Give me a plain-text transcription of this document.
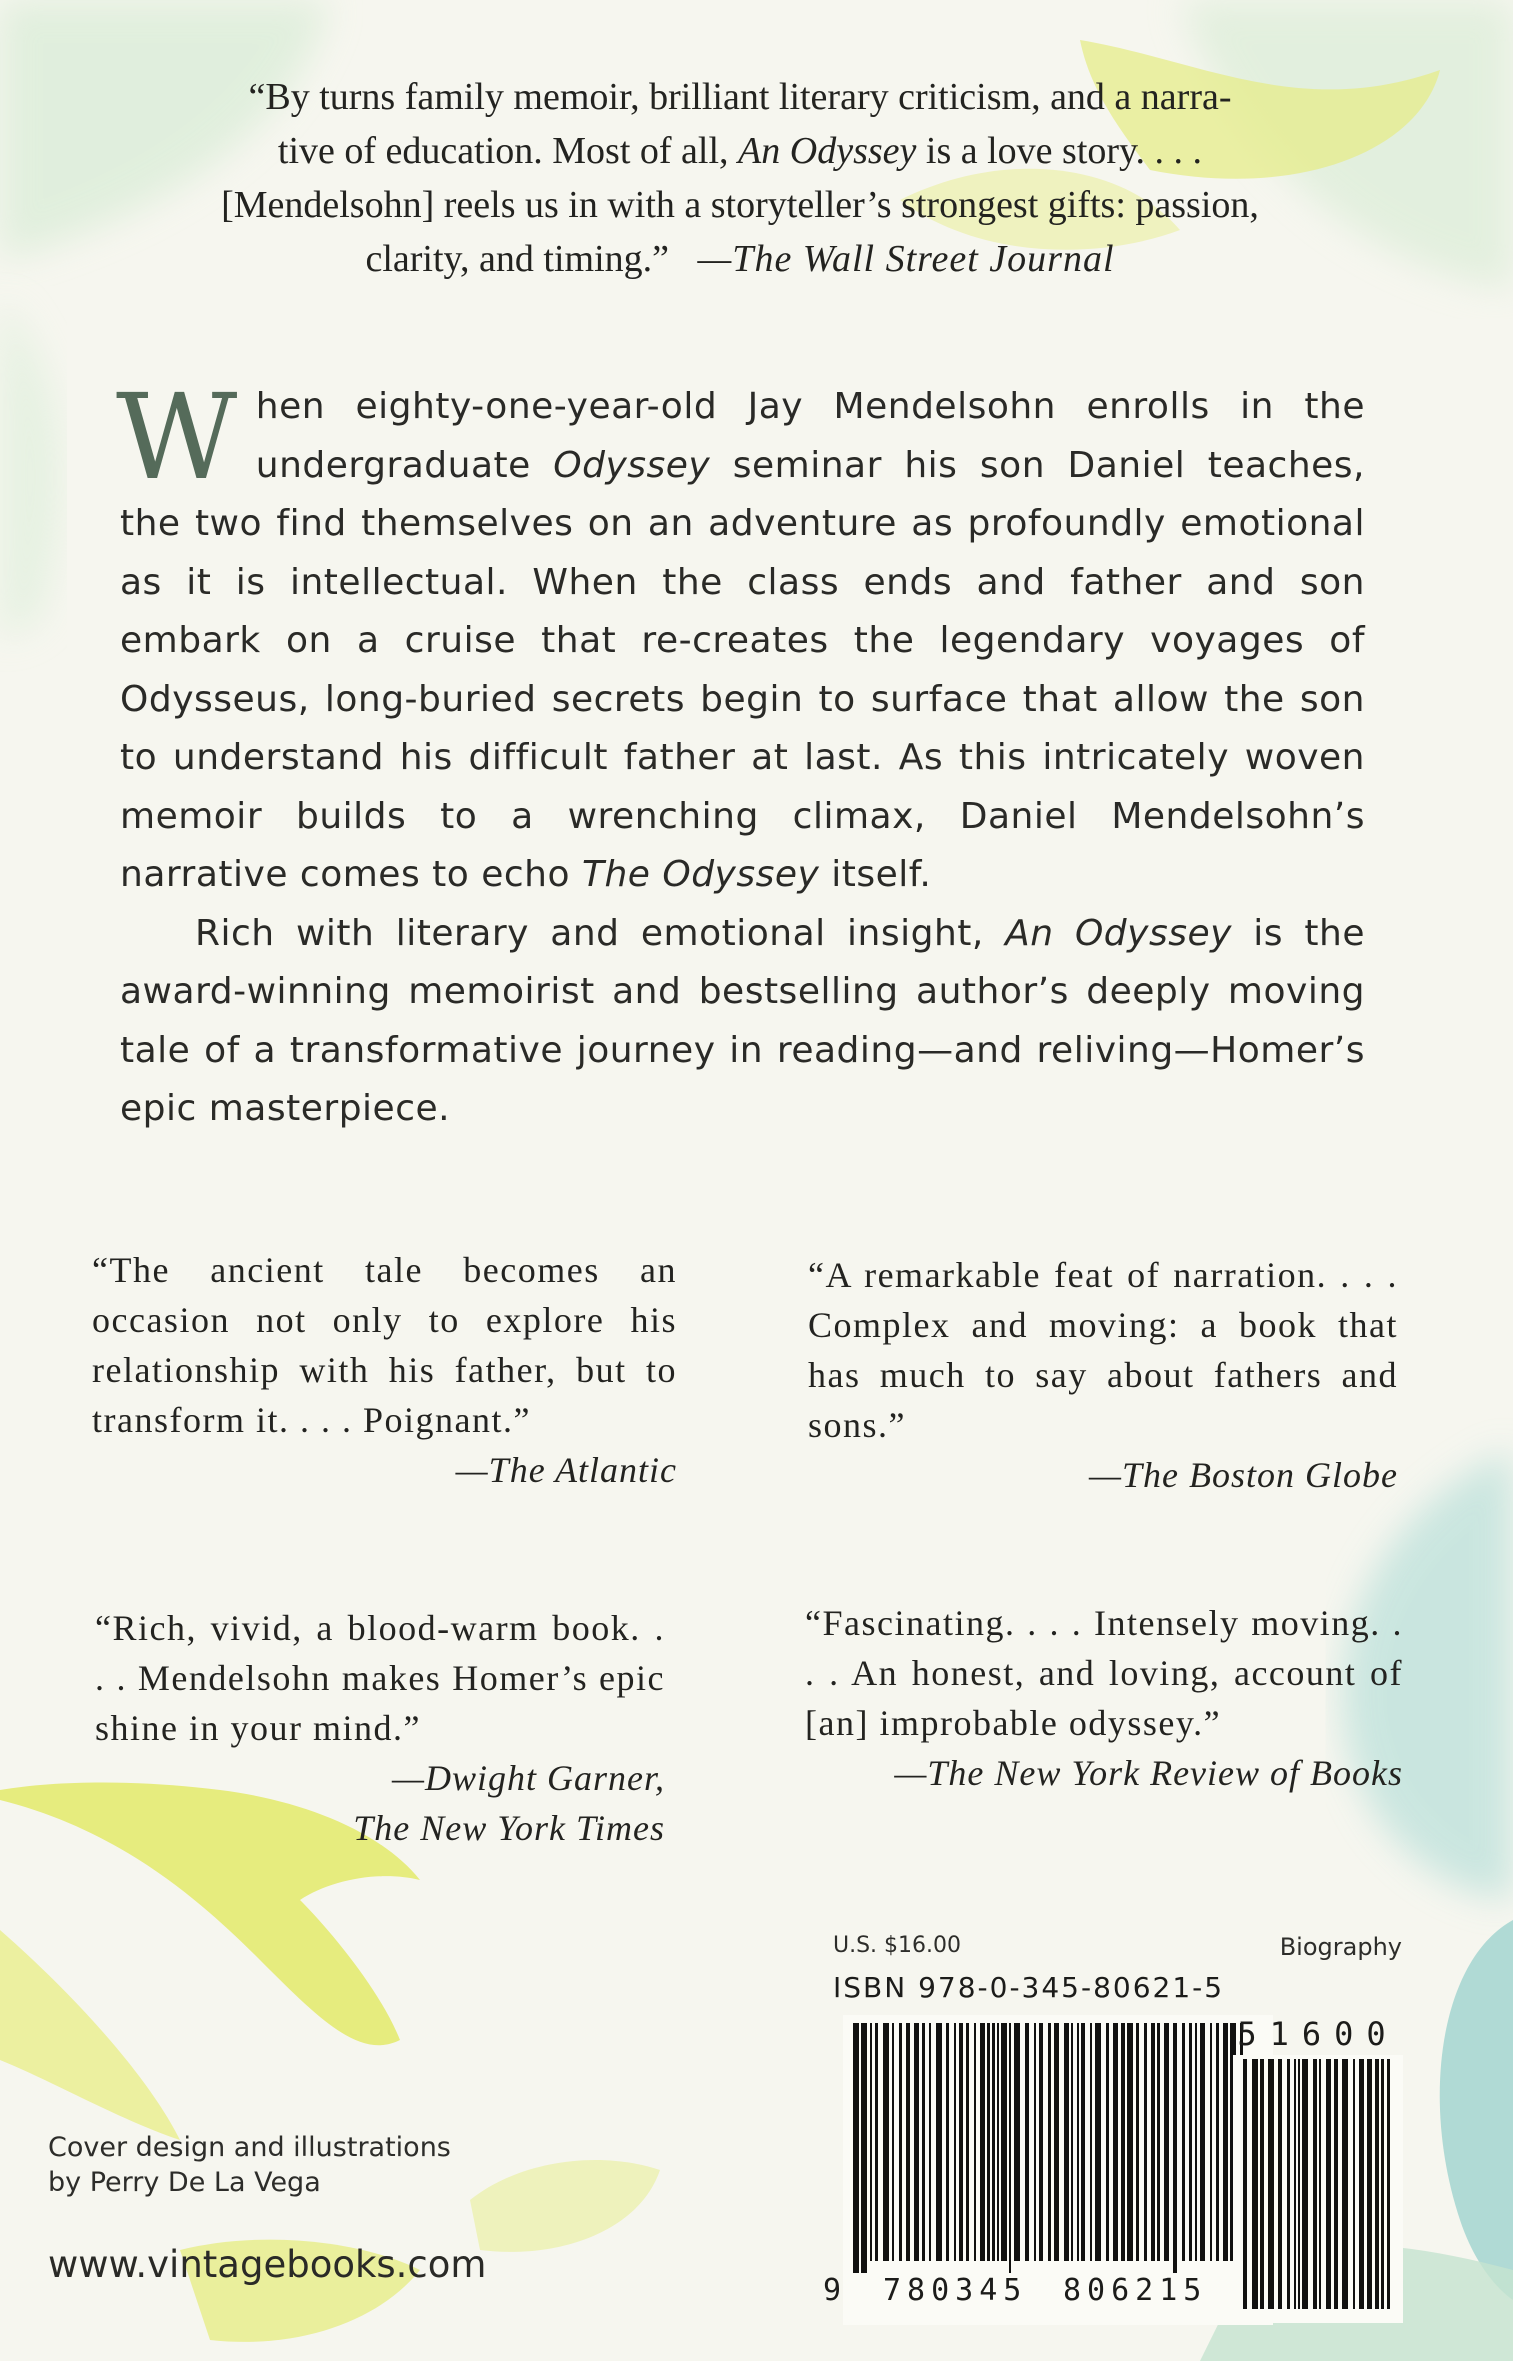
“By turns family memoir, brilliant literary criticism, and a narra-
tive of education. Most of all, An Odyssey is a love story. . . .
[Mendelsohn] reels us in with a storyteller’s strongest gifts: passion,
clarity, and timing.” —The Wall Street Journal

When eighty-one-year-old Jay Mendelsohn enrolls in the undergraduate Odyssey seminar his son Daniel teaches, the two find themselves on an adventure as profoundly emotional as it is intellectual. When the class ends and father and son embark on a cruise that re-creates the legendary voyages of Odysseus, long-buried secrets begin to surface that allow the son to understand his difficult father at last. As this intricately woven memoir builds to a wrenching climax, Daniel Mendelsohn’s narrative comes to echo The Odyssey itself.

Rich with literary and emotional insight, An Odyssey is the award-winning memoirist and bestselling author’s deeply moving tale of a transformative journey in reading—and reliving—Homer’s epic masterpiece.

“The ancient tale becomes an occasion not only to explore his relationship with his father, but to transform it. . . . Poignant.”
—The Atlantic
“A remarkable feat of narration. . . . Complex and moving: a book that has much to say about fathers and sons.”
—The Boston Globe
“Rich, vivid, a blood-warm book. . . . Mendelsohn makes Homer’s epic shine in your mind.”
—Dwight Garner,
The New York Times
“Fascinating. . . . Intensely moving. . . . An honest, and loving, account of [an] improbable odyssey.”
—The New York Review of Books
Cover design and illustrations
by Perry De La Vega
www.vintagebooks.com
U.S. $16.00	Biography
ISBN 978-0-345-80621-5
9 780345 806215
51600
